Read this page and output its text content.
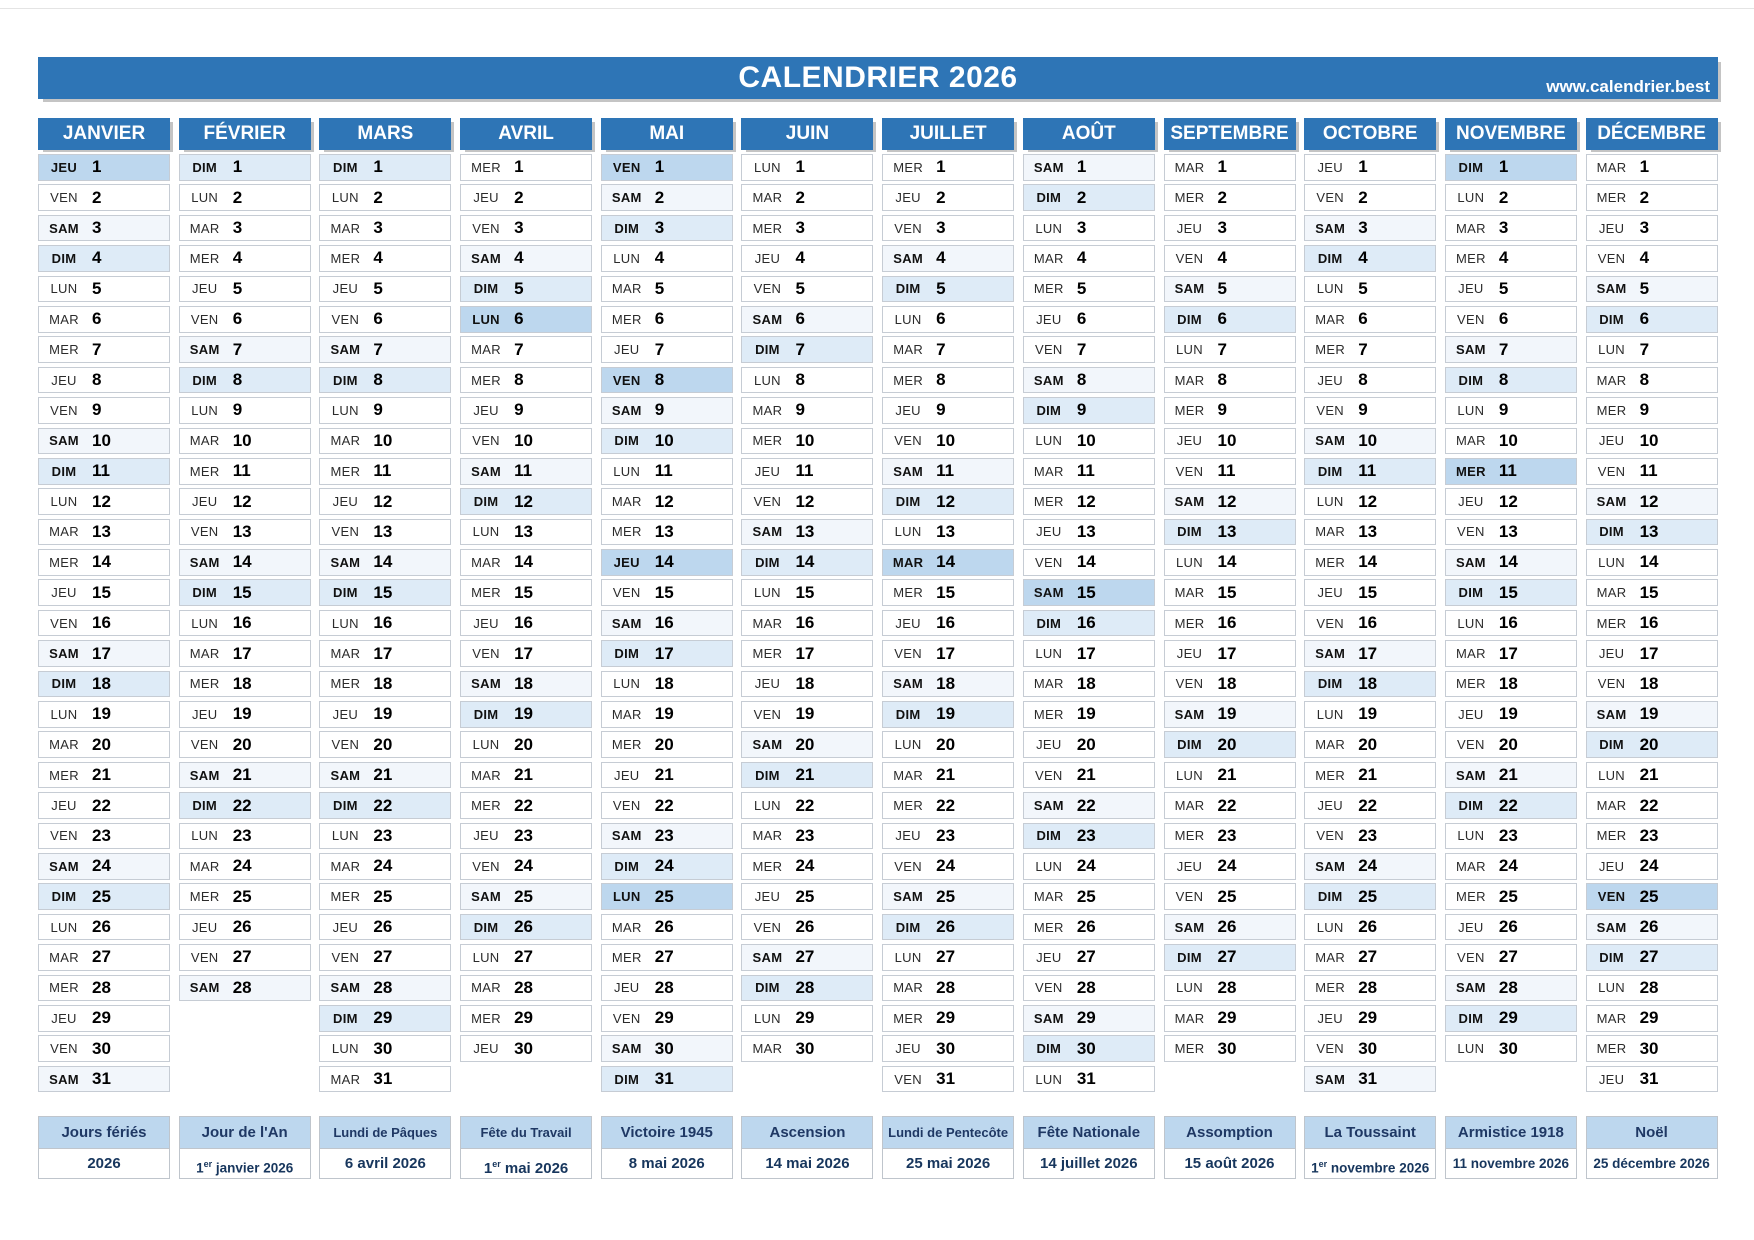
CALENDRIER 2026	www.calendrier.best
JANVIER
JEU 1
VEN 2
SAM 3
DIM 4
LUN 5
MAR 6
MER 7
JEU 8
VEN 9
SAM 10
DIM 11
LUN 12
MAR 13
MER 14
JEU 15
VEN 16
SAM 17
DIM 18
LUN 19
MAR 20
MER 21
JEU 22
VEN 23
SAM 24
DIM 25
LUN 26
MAR 27
MER 28
JEU 29
VEN 30
SAM 31
FÉVRIER
DIM 1
LUN 2
MAR 3
MER 4
JEU 5
VEN 6
SAM 7
DIM 8
LUN 9
MAR 10
MER 11
JEU 12
VEN 13
SAM 14
DIM 15
LUN 16
MAR 17
MER 18
JEU 19
VEN 20
SAM 21
DIM 22
LUN 23
MAR 24
MER 25
JEU 26
VEN 27
SAM 28
MARS
DIM 1
LUN 2
MAR 3
MER 4
JEU 5
VEN 6
SAM 7
DIM 8
LUN 9
MAR 10
MER 11
JEU 12
VEN 13
SAM 14
DIM 15
LUN 16
MAR 17
MER 18
JEU 19
VEN 20
SAM 21
DIM 22
LUN 23
MAR 24
MER 25
JEU 26
VEN 27
SAM 28
DIM 29
LUN 30
MAR 31
AVRIL
MER 1
JEU 2
VEN 3
SAM 4
DIM 5
LUN 6
MAR 7
MER 8
JEU 9
VEN 10
SAM 11
DIM 12
LUN 13
MAR 14
MER 15
JEU 16
VEN 17
SAM 18
DIM 19
LUN 20
MAR 21
MER 22
JEU 23
VEN 24
SAM 25
DIM 26
LUN 27
MAR 28
MER 29
JEU 30
MAI
VEN 1
SAM 2
DIM 3
LUN 4
MAR 5
MER 6
JEU 7
VEN 8
SAM 9
DIM 10
LUN 11
MAR 12
MER 13
JEU 14
VEN 15
SAM 16
DIM 17
LUN 18
MAR 19
MER 20
JEU 21
VEN 22
SAM 23
DIM 24
LUN 25
MAR 26
MER 27
JEU 28
VEN 29
SAM 30
DIM 31
JUIN
LUN 1
MAR 2
MER 3
JEU 4
VEN 5
SAM 6
DIM 7
LUN 8
MAR 9
MER 10
JEU 11
VEN 12
SAM 13
DIM 14
LUN 15
MAR 16
MER 17
JEU 18
VEN 19
SAM 20
DIM 21
LUN 22
MAR 23
MER 24
JEU 25
VEN 26
SAM 27
DIM 28
LUN 29
MAR 30
JUILLET
MER 1
JEU 2
VEN 3
SAM 4
DIM 5
LUN 6
MAR 7
MER 8
JEU 9
VEN 10
SAM 11
DIM 12
LUN 13
MAR 14
MER 15
JEU 16
VEN 17
SAM 18
DIM 19
LUN 20
MAR 21
MER 22
JEU 23
VEN 24
SAM 25
DIM 26
LUN 27
MAR 28
MER 29
JEU 30
VEN 31
AOÛT
SAM 1
DIM 2
LUN 3
MAR 4
MER 5
JEU 6
VEN 7
SAM 8
DIM 9
LUN 10
MAR 11
MER 12
JEU 13
VEN 14
SAM 15
DIM 16
LUN 17
MAR 18
MER 19
JEU 20
VEN 21
SAM 22
DIM 23
LUN 24
MAR 25
MER 26
JEU 27
VEN 28
SAM 29
DIM 30
LUN 31
SEPTEMBRE
MAR 1
MER 2
JEU 3
VEN 4
SAM 5
DIM 6
LUN 7
MAR 8
MER 9
JEU 10
VEN 11
SAM 12
DIM 13
LUN 14
MAR 15
MER 16
JEU 17
VEN 18
SAM 19
DIM 20
LUN 21
MAR 22
MER 23
JEU 24
VEN 25
SAM 26
DIM 27
LUN 28
MAR 29
MER 30
OCTOBRE
JEU 1
VEN 2
SAM 3
DIM 4
LUN 5
MAR 6
MER 7
JEU 8
VEN 9
SAM 10
DIM 11
LUN 12
MAR 13
MER 14
JEU 15
VEN 16
SAM 17
DIM 18
LUN 19
MAR 20
MER 21
JEU 22
VEN 23
SAM 24
DIM 25
LUN 26
MAR 27
MER 28
JEU 29
VEN 30
SAM 31
NOVEMBRE
DIM 1
LUN 2
MAR 3
MER 4
JEU 5
VEN 6
SAM 7
DIM 8
LUN 9
MAR 10
MER 11
JEU 12
VEN 13
SAM 14
DIM 15
LUN 16
MAR 17
MER 18
JEU 19
VEN 20
SAM 21
DIM 22
LUN 23
MAR 24
MER 25
JEU 26
VEN 27
SAM 28
DIM 29
LUN 30
DÉCEMBRE
MAR 1
MER 2
JEU 3
VEN 4
SAM 5
DIM 6
LUN 7
MAR 8
MER 9
JEU 10
VEN 11
SAM 12
DIM 13
LUN 14
MAR 15
MER 16
JEU 17
VEN 18
SAM 19
DIM 20
LUN 21
MAR 22
MER 23
JEU 24
VEN 25
SAM 26
DIM 27
LUN 28
MAR 29
MER 30
JEU 31
Jours fériés
2026
Jour de l'An
1er janvier 2026
Lundi de Pâques
6 avril 2026
Fête du Travail
1er mai 2026
Victoire 1945
8 mai 2026
Ascension
14 mai 2026
Lundi de Pentecôte
25 mai 2026
Fête Nationale
14 juillet 2026
Assomption
15 août 2026
La Toussaint
1er novembre 2026
Armistice 1918
11 novembre 2026
Noël
25 décembre 2026
